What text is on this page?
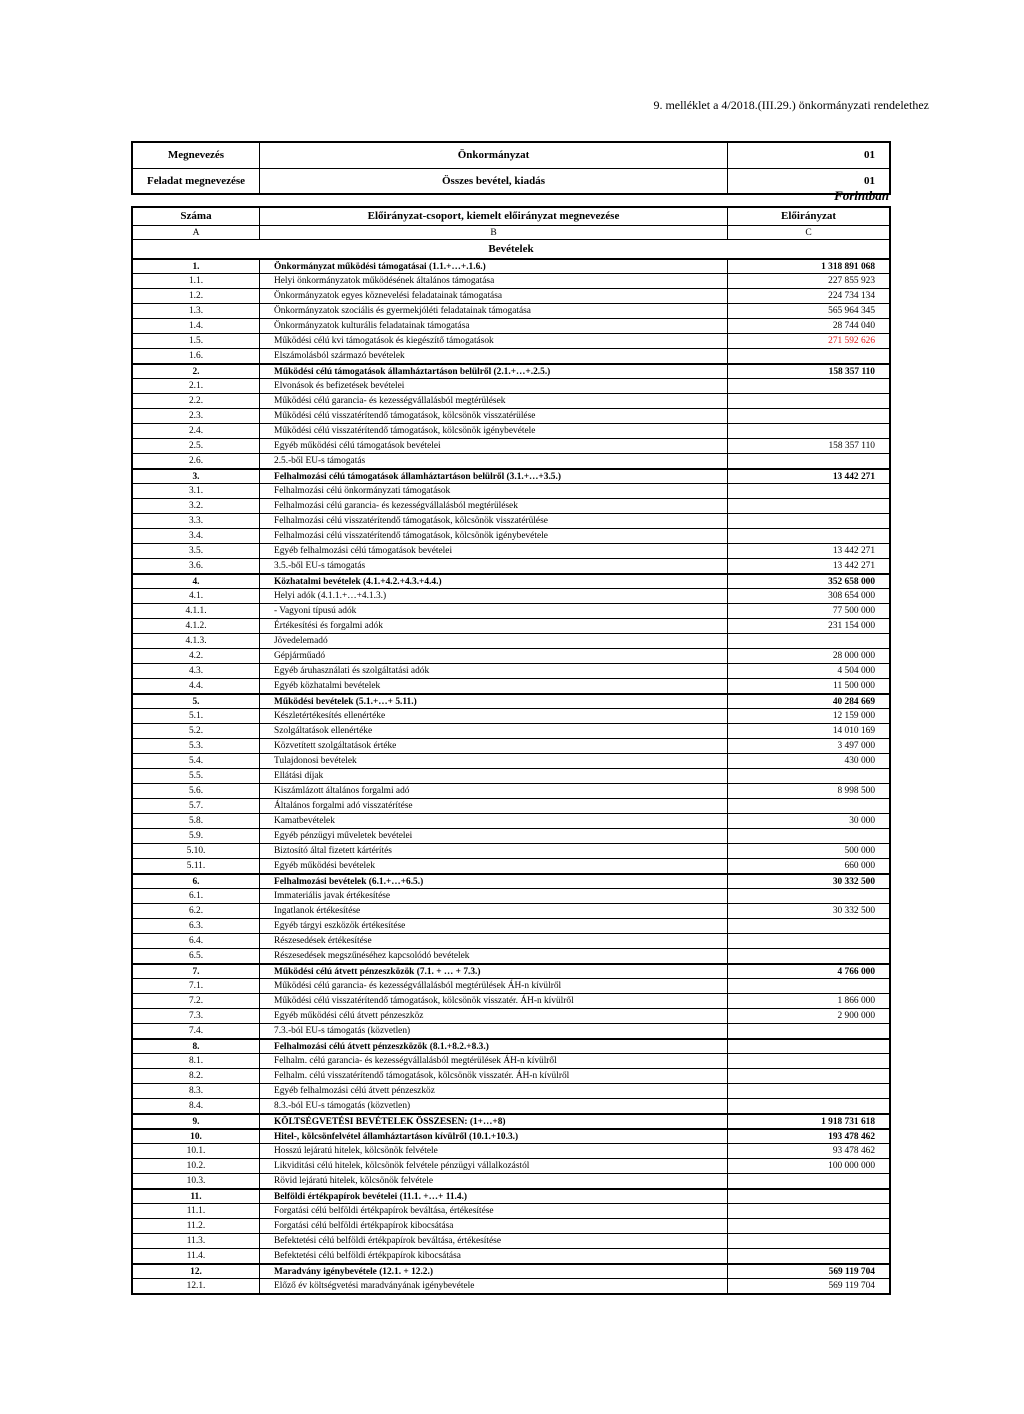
9. melléklet a 4/2018.(III.29.) önkormányzati rendelethez
Megnevezés	Önkormányzat	01
Feladat megnevezése	Összes bevétel, kiadás	01
Forintban
Száma	Előirányzat-csoport, kiemelt előirányzat megnevezése	Előirányzat
A	B	C
Bevételek
1.	Önkormányzat működési támogatásai (1.1.+…+.1.6.)	1 318 891 068
1.1.	Helyi önkormányzatok működésének általános támogatása	227 855 923
1.2.	Önkormányzatok egyes köznevelési feladatainak támogatása	224 734 134
1.3.	Önkormányzatok szociális és gyermekjóléti feladatainak támogatása	565 964 345
1.4.	Önkormányzatok kulturális feladatainak támogatása	28 744 040
1.5.	Működési célú kvi támogatások és kiegészítő támogatások	271 592 626
1.6.	Elszámolásból származó bevételek
2.	Működési célú támogatások államháztartáson belülről (2.1.+…+.2.5.)	158 357 110
2.1.	Elvonások és befizetések bevételei
2.2.	Működési célú garancia- és kezességvállalásból megtérülések
2.3.	Működési célú visszatérítendő támogatások, kölcsönök visszatérülése
2.4.	Működési célú visszatérítendő támogatások, kölcsönök igénybevétele
2.5.	Egyéb működési célú támogatások bevételei	158 357 110
2.6.	2.5.-ből EU-s támogatás
3.	Felhalmozási célú támogatások államháztartáson belülről (3.1.+…+3.5.)	13 442 271
3.1.	Felhalmozási célú önkormányzati támogatások
3.2.	Felhalmozási célú garancia- és kezességvállalásból megtérülések
3.3.	Felhalmozási célú visszatérítendő támogatások, kölcsönök visszatérülése
3.4.	Felhalmozási célú visszatérítendő támogatások, kölcsönök igénybevétele
3.5.	Egyéb felhalmozási célú támogatások bevételei	13 442 271
3.6.	3.5.-ből EU-s támogatás	13 442 271
4.	Közhatalmi bevételek (4.1.+4.2.+4.3.+4.4.)	352 658 000
4.1.	Helyi adók (4.1.1.+…+4.1.3.)	308 654 000
4.1.1.	- Vagyoni típusú adók	77 500 000
4.1.2.	Értékesítési és forgalmi adók	231 154 000
4.1.3.	Jövedelemadó
4.2.	Gépjárműadó	28 000 000
4.3.	Egyéb áruhasználati és szolgáltatási adók	4 504 000
4.4.	Egyéb közhatalmi bevételek	11 500 000
5.	Működési bevételek (5.1.+…+ 5.11.)	40 284 669
5.1.	Készletértékesítés ellenértéke	12 159 000
5.2.	Szolgáltatások ellenértéke	14 010 169
5.3.	Közvetített szolgáltatások értéke	3 497 000
5.4.	Tulajdonosi bevételek	430 000
5.5.	Ellátási díjak
5.6.	Kiszámlázott általános forgalmi adó	8 998 500
5.7.	Általános forgalmi adó visszatérítése
5.8.	Kamatbevételek	30 000
5.9.	Egyéb pénzügyi műveletek bevételei
5.10.	Biztosító által fizetett kártérítés	500 000
5.11.	Egyéb működési bevételek	660 000
6.	Felhalmozási bevételek (6.1.+…+6.5.)	30 332 500
6.1.	Immateriális javak értékesítése
6.2.	Ingatlanok értékesítése	30 332 500
6.3.	Egyéb tárgyi eszközök értékesítése
6.4.	Részesedések értékesítése
6.5.	Részesedések megszűnéséhez kapcsolódó bevételek
7.	Működési célú átvett pénzeszközök (7.1. + … + 7.3.)	4 766 000
7.1.	Működési célú garancia- és kezességvállalásból megtérülések ÁH-n kívülről
7.2.	Működési célú visszatérítendő támogatások, kölcsönök visszatér. ÁH-n kívülről	1 866 000
7.3.	Egyéb működési célú átvett pénzeszköz	2 900 000
7.4.	7.3.-ból EU-s támogatás (közvetlen)
8.	Felhalmozási célú átvett pénzeszközök (8.1.+8.2.+8.3.)
8.1.	Felhalm. célú garancia- és kezességvállalásból megtérülések ÁH-n kívülről
8.2.	Felhalm. célú visszatérítendő támogatások, kölcsönök visszatér. ÁH-n kívülről
8.3.	Egyéb felhalmozási célú átvett pénzeszköz
8.4.	8.3.-ból EU-s támogatás (közvetlen)
9.	KÖLTSÉGVETÉSI BEVÉTELEK ÖSSZESEN: (1+…+8)	1 918 731 618
10.	Hitel-, kölcsönfelvétel államháztartáson kívülről (10.1.+10.3.)	193 478 462
10.1.	Hosszú lejáratú hitelek, kölcsönök felvétele	93 478 462
10.2.	Likviditási célú hitelek, kölcsönök felvétele pénzügyi vállalkozástól	100 000 000
10.3.	Rövid lejáratú hitelek, kölcsönök felvétele
11.	Belföldi értékpapírok bevételei (11.1. +…+ 11.4.)
11.1.	Forgatási célú belföldi értékpapírok beváltása, értékesítése
11.2.	Forgatási célú belföldi értékpapírok kibocsátása
11.3.	Befektetési célú belföldi értékpapírok beváltása, értékesítése
11.4.	Befektetési célú belföldi értékpapírok kibocsátása
12.	Maradvány igénybevétele (12.1. + 12.2.)	569 119 704
12.1.	Előző év költségvetési maradványának igénybevétele	569 119 704
